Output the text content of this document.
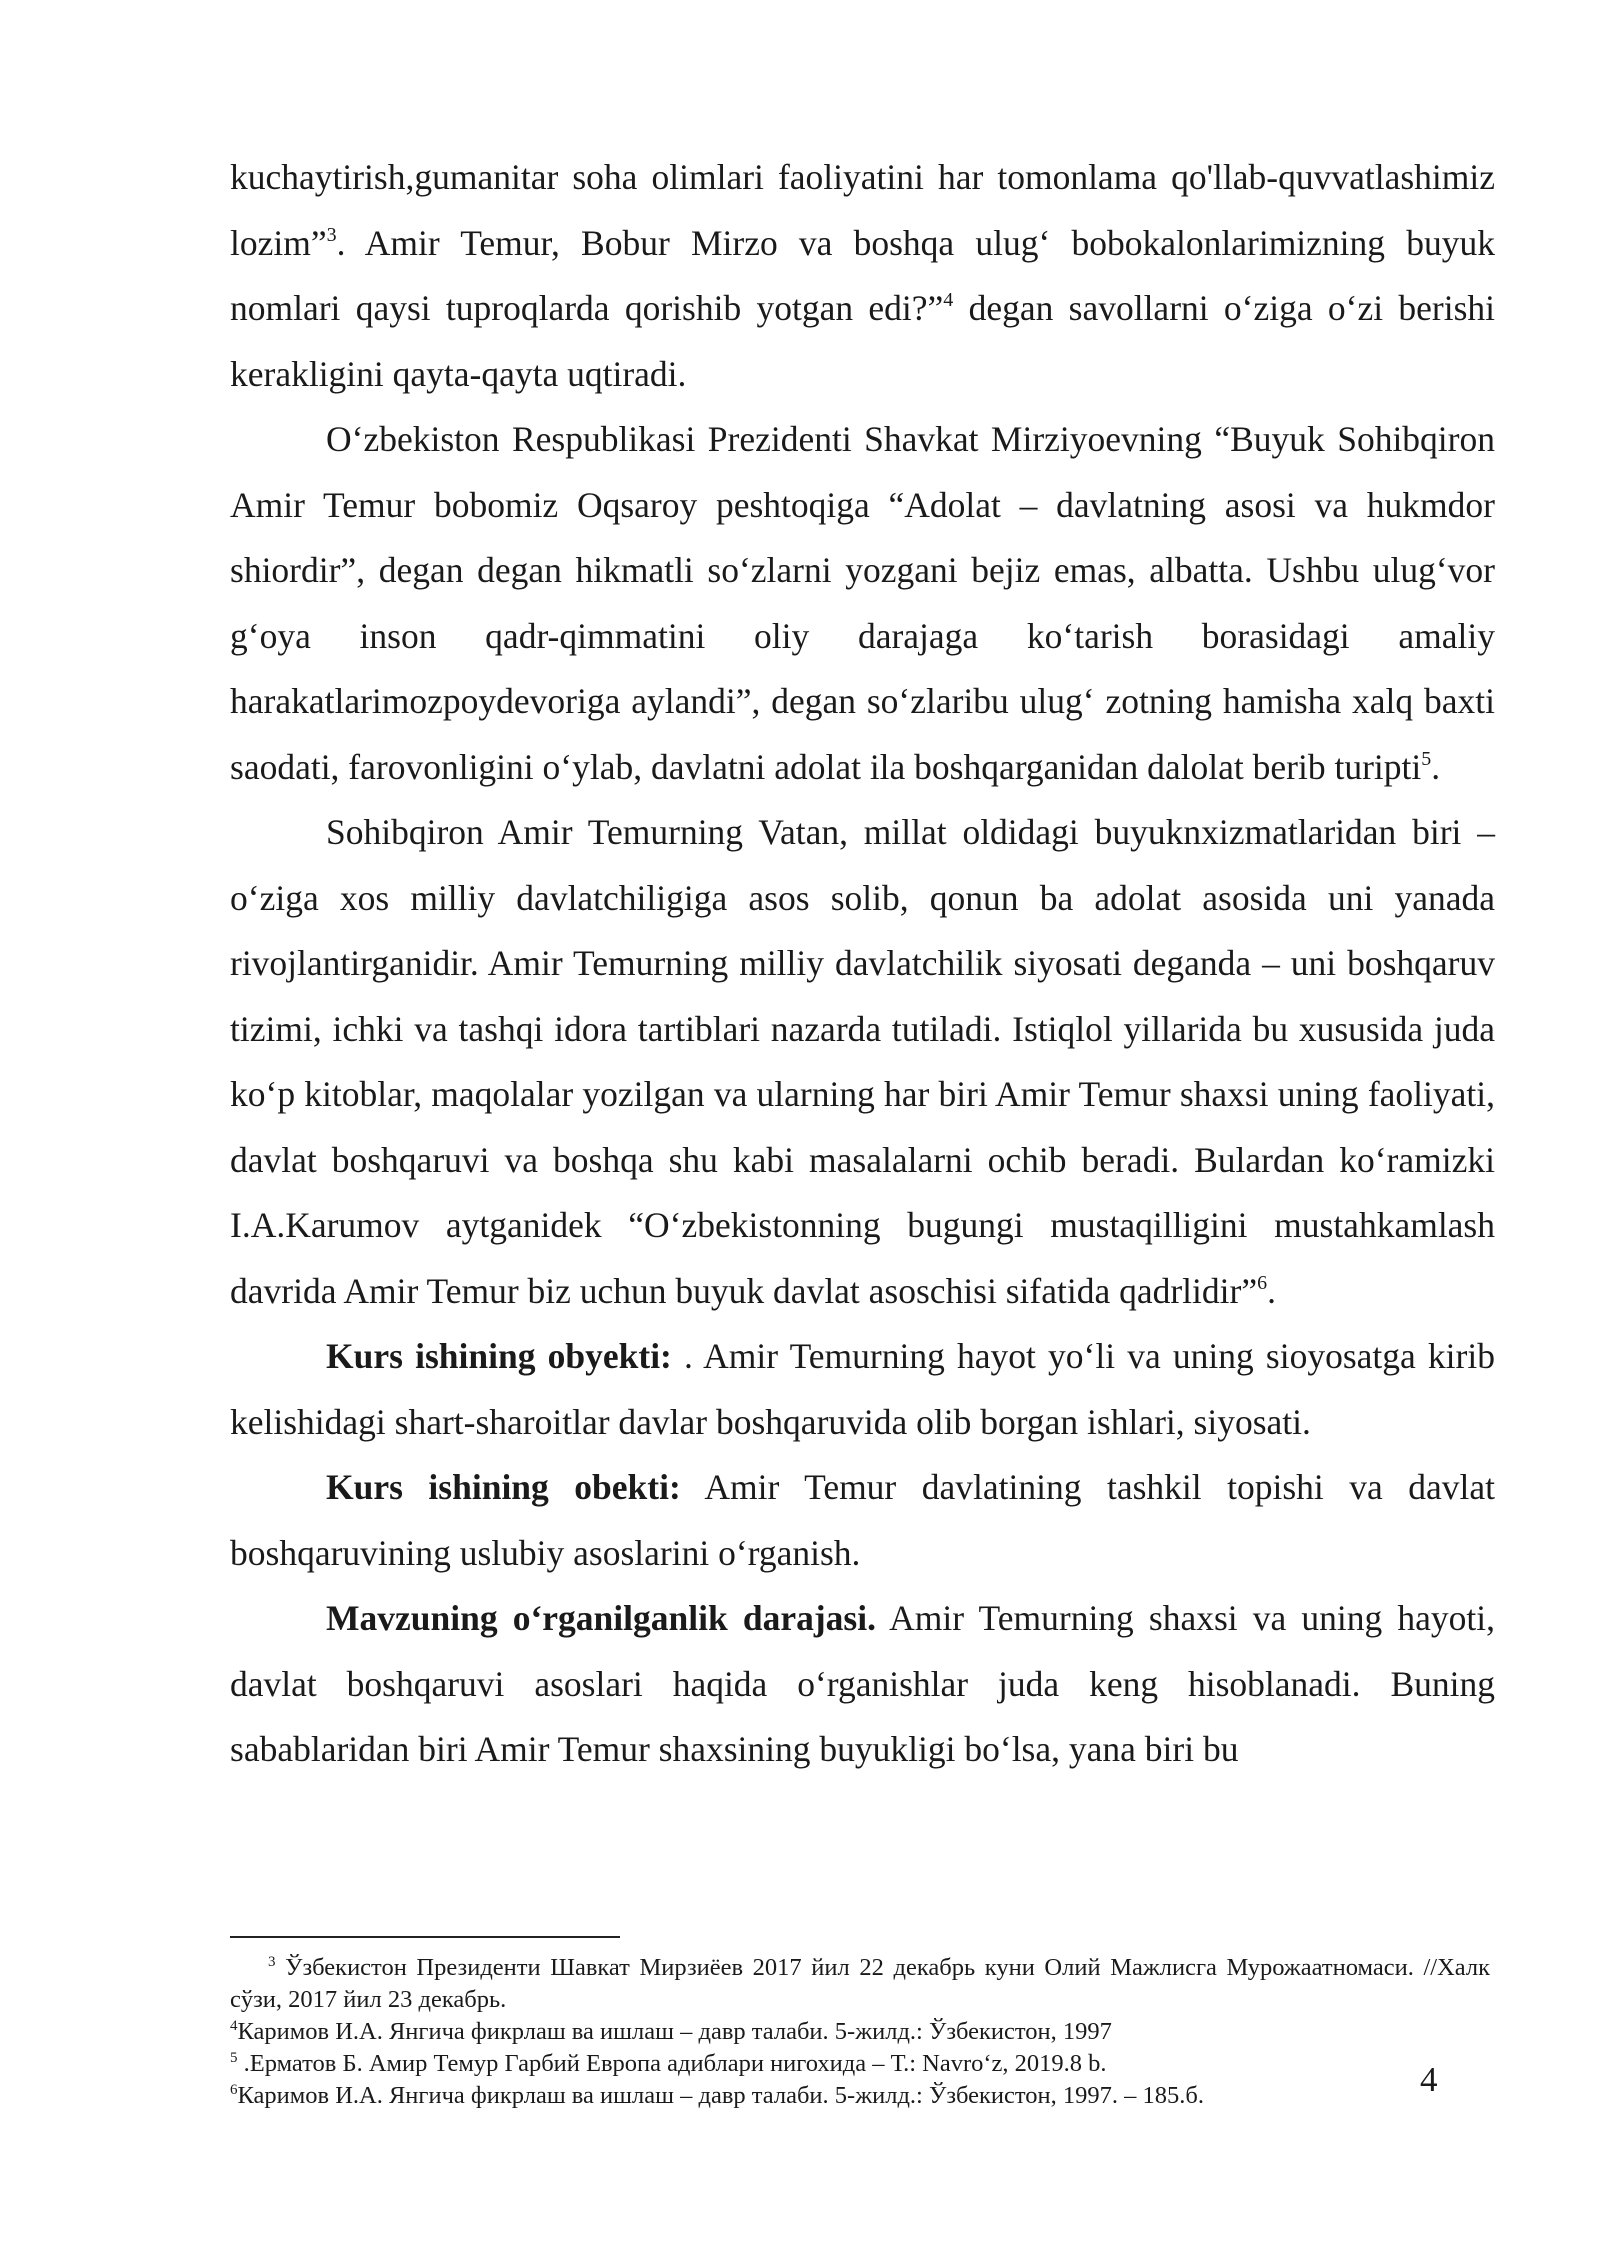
kuchaytirish,gumanitar soha olimlari faoliyatini har tomonlama qo'llab-quvvatlashimiz lozim”$^3$. Amir Temur, Bobur Mirzo va boshqa ulug‘ bobokalonlarimizning buyuk nomlari qaysi tuproqlarda qorishib yotgan edi?”$^4$ degan savollarni o‘ziga o‘zi berishi kerakligini qayta-qayta uqtiradi.

O‘zbekiston Respublikasi Prezidenti Shavkat Mirziyoevning “Buyuk Sohibqiron Amir Temur bobomiz Oqsaroy peshtoqiga “Adolat – davlatning asosi va hukmdor shiordir”, degan degan hikmatli so‘zlarni yozgani bejiz emas, albatta. Ushbu ulug‘vor g‘oya inson qadr-qimmatini oliy darajaga ko‘tarish borasidagi amaliy harakatlarimozpoydevoriga aylandi”, degan so‘zlaribu ulug‘ zotning hamisha xalq baxti saodati, farovonligini o‘ylab, davlatni adolat ila boshqarganidan dalolat berib turipti$^5$.

Sohibqiron Amir Temurning Vatan, millat oldidagi buyuknxizmatlaridan biri – o‘ziga xos milliy davlatchiligiga asos solib, qonun ba adolat asosida uni yanada rivojlantirganidir. Amir Temurning milliy davlatchilik siyosati deganda – uni boshqaruv tizimi, ichki va tashqi idora tartiblari nazarda tutiladi. Istiqlol yillarida bu xususida juda ko‘p kitoblar, maqolalar yozilgan va ularning har biri Amir Temur shaxsi uning faoliyati, davlat boshqaruvi va boshqa shu kabi masalalarni ochib beradi. Bulardan ko‘ramizki I.A.Karumov aytganidek “O‘zbekistonning bugungi mustaqilligini mustahkamlash davrida Amir Temur biz uchun buyuk davlat asoschisi sifatida qadrlidir”$^6$.

Kurs ishining obyekti: . Amir Temurning hayot yo‘li va uning sioyosatga kirib kelishidagi shart-sharoitlar davlar boshqaruvida olib borgan ishlari, siyosati.

Kurs ishining obekti: Amir Temur davlatining tashkil topishi va davlat boshqaruvining uslubiy asoslarini o‘rganish.

Mavzuning o‘rganilganlik darajasi. Amir Temurning shaxsi va uning hayoti, davlat boshqaruvi asoslari haqida o‘rganishlar juda keng hisoblanadi. Buning sabablaridan biri Amir Temur shaxsining buyukligi bo‘lsa, yana biri bu

$^3$ Ўзбекистон Президенти Шавкат Мирзиёев 2017 йил 22 декабрь куни Олий Мажлисга Мурожаатномаси. //Халк сўзи, 2017 йил 23 декабрь.

$^4$Каримов И.А. Янгича фикрлаш ва ишлаш – давр талаби. 5-жилд.: Ўзбекистон, 1997

$^5$ .Ерматов Б. Амир Темур Гарбий Европа адиблари нигохида – Т.: Navro‘z, 2019.8 b.

$^6$Каримов И.А. Янгича фикрлаш ва ишлаш – давр талаби. 5-жилд.: Ўзбекистон, 1997. – 185.б.	4
